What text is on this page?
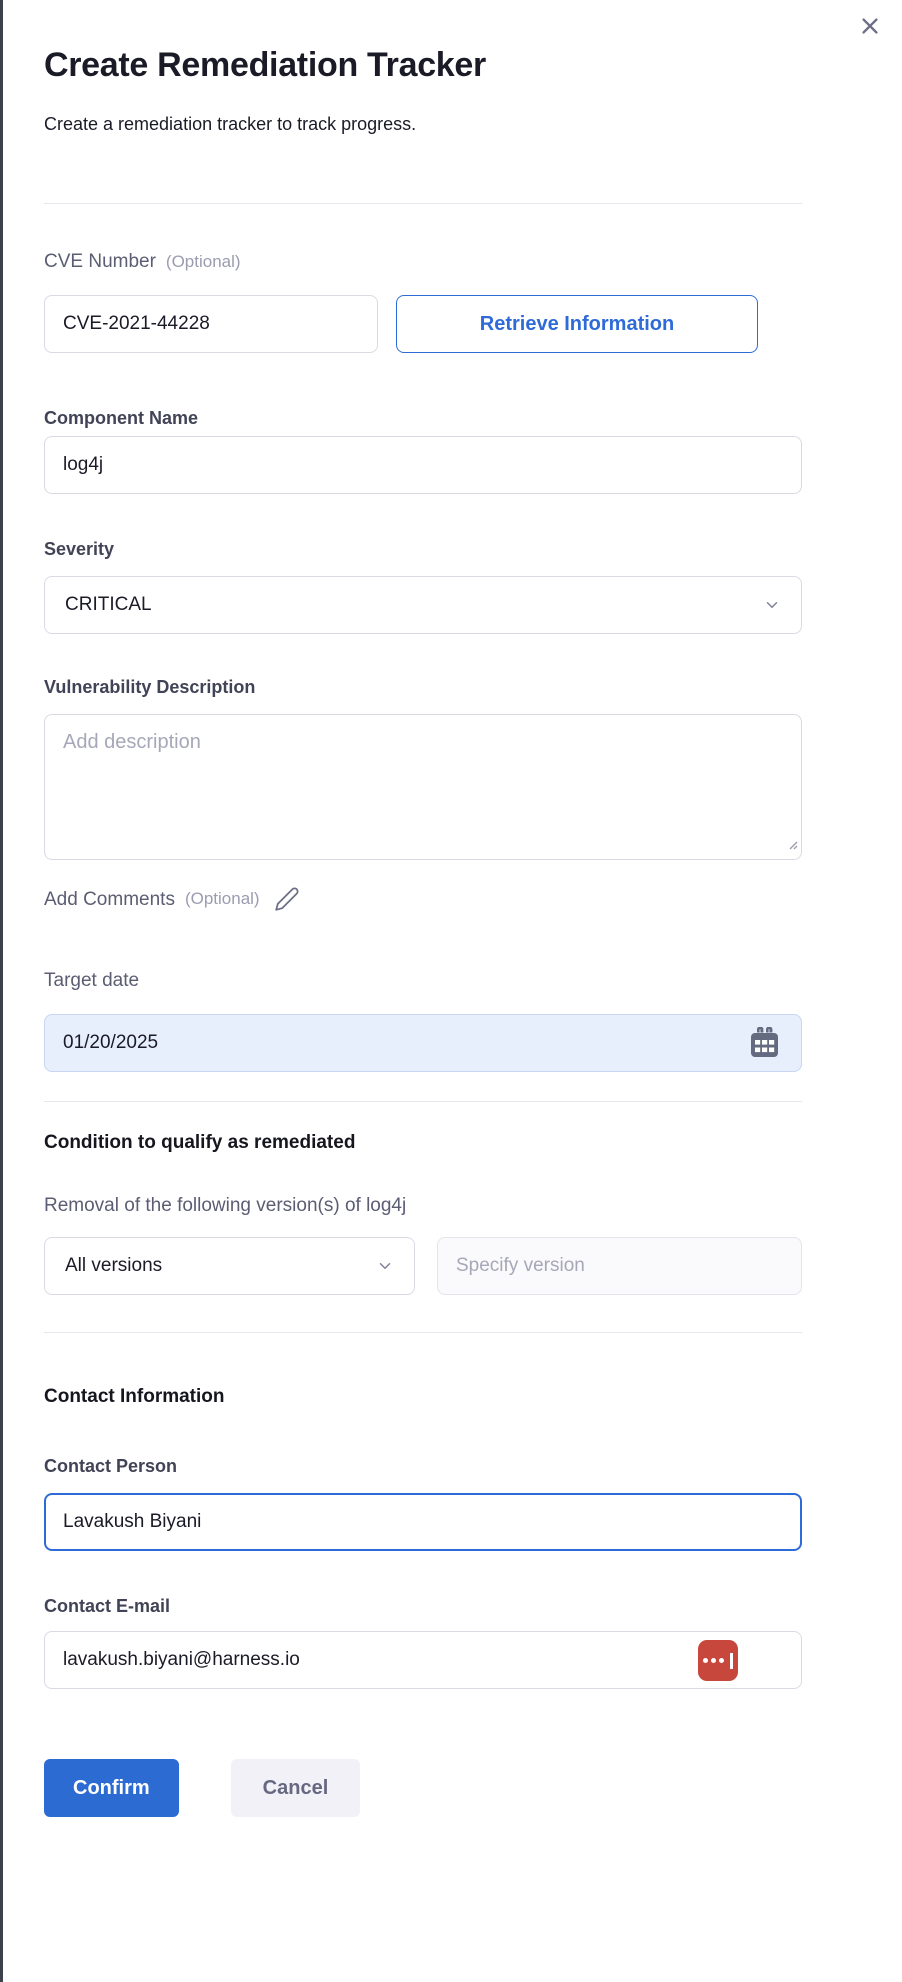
Create Remediation Tracker

Create a remediation tracker to track progress.

CVE Number (Optional)
CVE-2021-44228
Retrieve Information
Component Name
log4j
Severity
CRITICAL
Vulnerability Description
Add description
Add Comments (Optional)
Target date
01/20/2025
Condition to qualify as remediated
Removal of the following version(s) of log4j
All versions
Specify version
Contact Information
Contact Person
Lavakush Biyani
Contact E-mail
lavakush.biyani@harness.io
Confirm	Cancel
